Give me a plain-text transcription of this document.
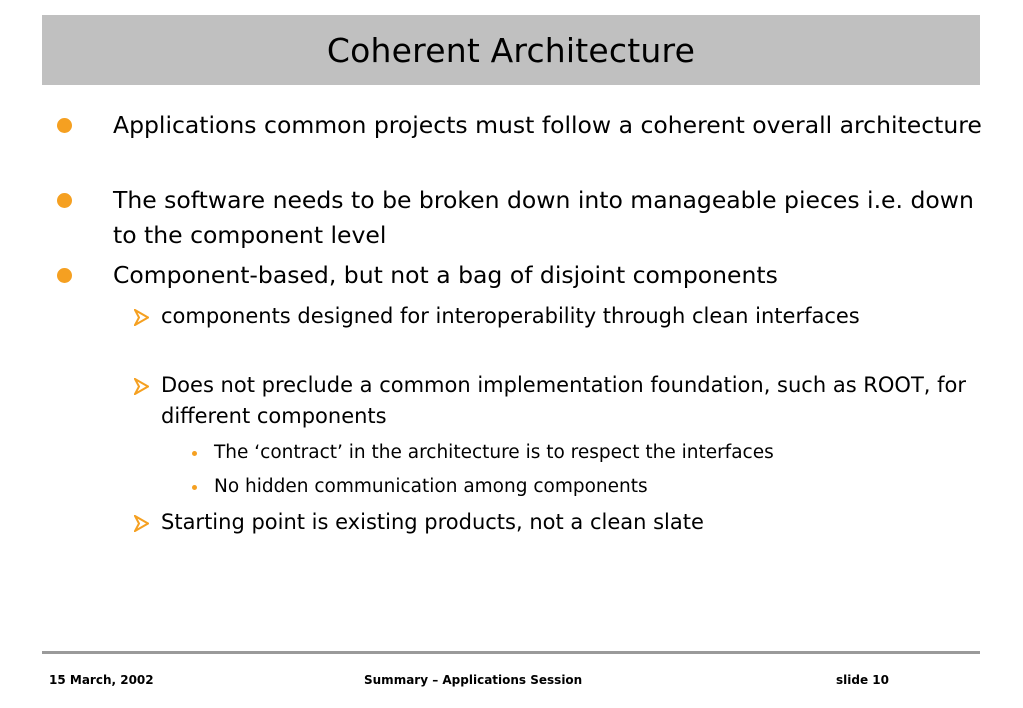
Coherent Architecture
Applications common projects must follow a coherent overall architecture
The software needs to be broken down into manageable pieces i.e. down to the component level
Component-based, but not a bag of disjoint components
components designed for interoperability through clean interfaces
Does not preclude a common implementation foundation, such as ROOT, for different components
The ‘contract’ in the architecture is to respect the interfaces
No hidden communication among components
Starting point is existing products, not a clean slate
15 March, 2002	Summary – Applications Session	slide 10
